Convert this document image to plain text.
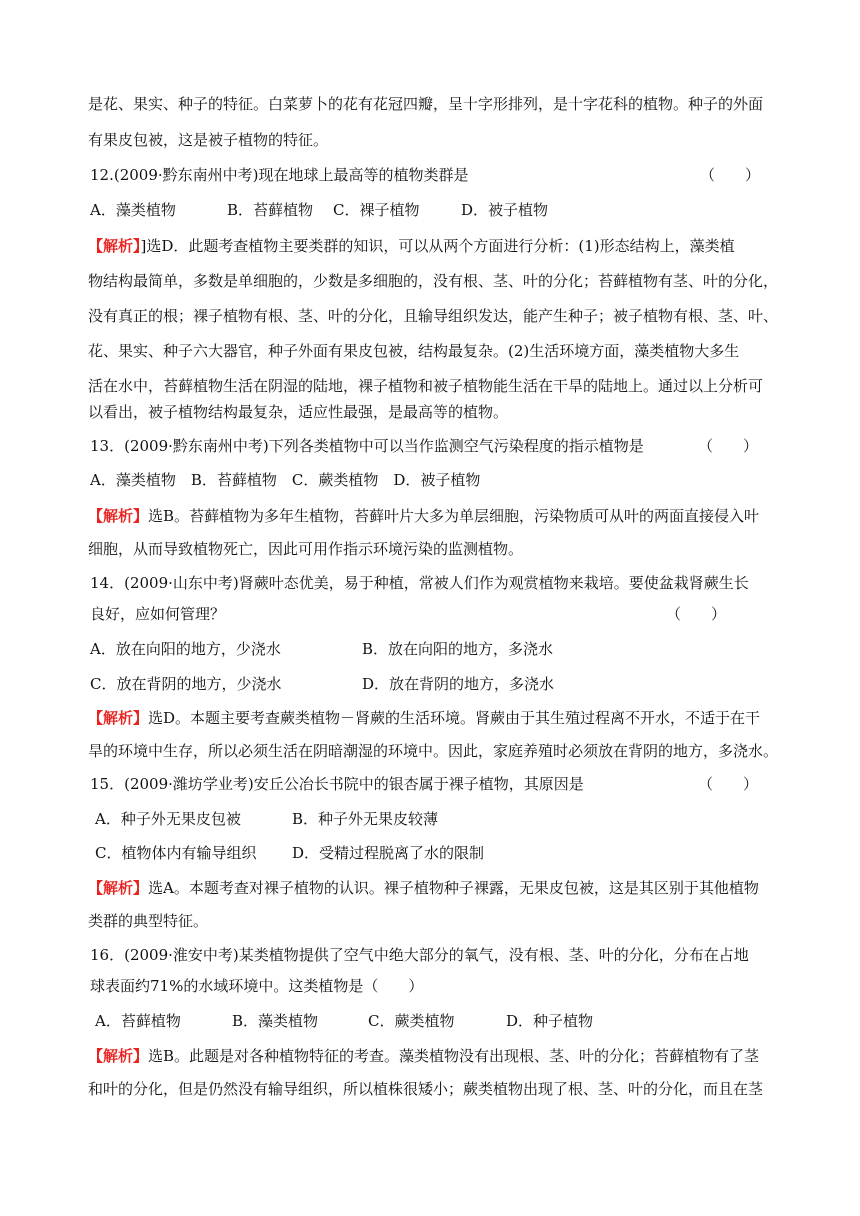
是花、果实、种子的特征。白菜萝卜的花有花冠四瓣，呈十字形排列，是十字花科的植物。种子的外面
有果皮包被，这是被子植物的特征。
12.(2009·黔东南州中考)现在地球上最高等的植物类群是	（　　）
A．藻类植物	B．苔藓植物 C．裸子植物	D．被子植物
【解析】]选D．此题考查植物主要类群的知识，可以从两个方面进行分析：(1)形态结构上，藻类植
物结构最简单，多数是单细胞的，少数是多细胞的，没有根、茎、叶的分化；苔藓植物有茎、叶的分化，
没有真正的根；裸子植物有根、茎、叶的分化，且输导组织发达，能产生种子；被子植物有根、茎、叶、
花、果实、种子六大器官，种子外面有果皮包被，结构最复杂。(2)生活环境方面，藻类植物大多生
活在水中，苔藓植物生活在阴湿的陆地，裸子植物和被子植物能生活在干旱的陆地上。通过以上分析可
以看出，被子植物结构最复杂，适应性最强，是最高等的植物。
13．(2009·黔东南州中考)下列各类植物中可以当作监测空气污染程度的指示植物是	（　　）
A．藻类植物　B．苔藓植物　C．蕨类植物　D．被子植物
【解析】选B。苔藓植物为多年生植物，苔藓叶片大多为单层细胞，污染物质可从叶的两面直接侵入叶
细胞，从而导致植物死亡，因此可用作指示环境污染的监测植物。
14．(2009·山东中考)肾蕨叶态优美，易于种植，常被人们作为观赏植物来栽培。要使盆栽肾蕨生长
良好，应如何管理？	（　　）
A．放在向阳的地方，少浇水	B．放在向阳的地方，多浇水
C．放在背阴的地方，少浇水	D．放在背阴的地方，多浇水
【解析】选D。本题主要考查蕨类植物－肾蕨的生活环境。肾蕨由于其生殖过程离不开水，不适于在干
旱的环境中生存，所以必须生活在阴暗潮湿的环境中。因此，家庭养殖时必须放在背阴的地方，多浇水。
15．(2009·潍坊学业考)安丘公冶长书院中的银杏属于裸子植物，其原因是	（　　）
A．种子外无果皮包被	B．种子外无果皮较薄
C．植物体内有输导组织 D．受精过程脱离了水的限制
【解析】选A。本题考查对裸子植物的认识。裸子植物种子裸露，无果皮包被，这是其区别于其他植物
类群的典型特征。
16．(2009·淮安中考)某类植物提供了空气中绝大部分的氧气，没有根、茎、叶的分化，分布在占地
球表面约71%的水域环境中。这类植物是（　　）
A．苔藓植物	B．藻类植物	C．蕨类植物	D．种子植物
【解析】选B。此题是对各种植物特征的考查。藻类植物没有出现根、茎、叶的分化；苔藓植物有了茎
和叶的分化，但是仍然没有输导组织，所以植株很矮小；蕨类植物出现了根、茎、叶的分化，而且在茎
